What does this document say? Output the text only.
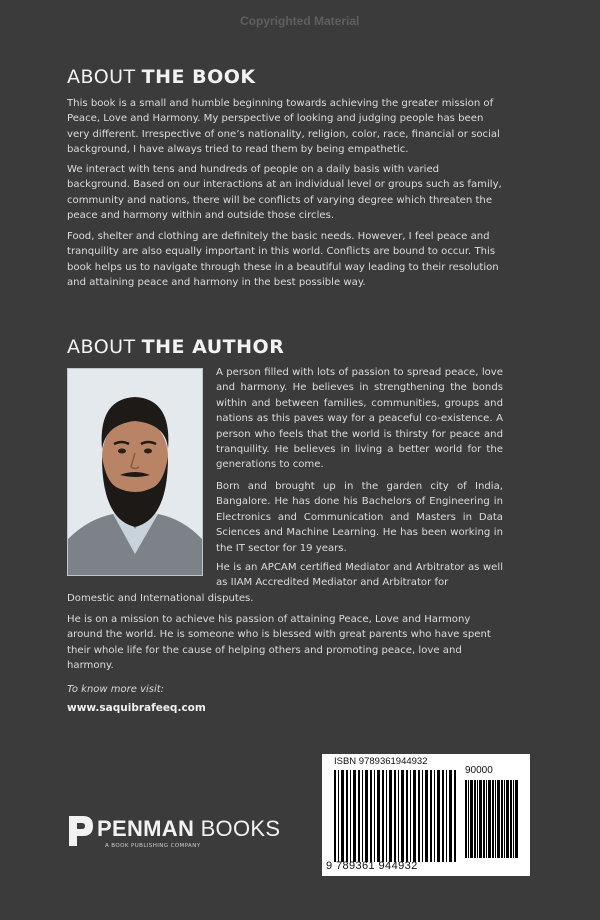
Copyrighted Material
ABOUT THE BOOK

This book is a small and humble beginning towards achieving the greater mission of Peace, Love and Harmony. My perspective of looking and judging people has been very different. Irrespective of one’s nationality, religion, color, race, financial or social background, I have always tried to read them by being empathetic.

We interact with tens and hundreds of people on a daily basis with varied background. Based on our interactions at an individual level or groups such as family, community and nations, there will be conflicts of varying degree which threaten the peace and harmony within and outside those circles.

Food, shelter and clothing are definitely the basic needs. However, I feel peace and tranquility are also equally important in this world. Conflicts are bound to occur. This book helps us to navigate through these in a beautiful way leading to their resolution and attaining peace and harmony in the best possible way.

ABOUT THE AUTHOR

A person filled with lots of passion to spread peace, love and harmony. He believes in strengthening the bonds within and between families, communities, groups and nations as this paves way for a peaceful co-existence. A person who feels that the world is thirsty for peace and tranquility. He believes in living a better world for the generations to come.

Born and brought up in the garden city of India, Bangalore. He has done his Bachelors of Engineering in Electronics and Communication and Masters in Data Sciences and Machine Learning. He has been working in the IT sector for 19 years.

He is an APCAM certified Mediator and Arbitrator as well as IIAM Accredited Mediator and Arbitrator for

Domestic and International disputes.

He is on a mission to achieve his passion of attaining Peace, Love and Harmony around the world. He is someone who is blessed with great parents who have spent their whole life for the cause of helping others and promoting peace, love and harmony.

To know more visit:
www.saquibrafeeq.com
PENMAN BOOKS
A BOOK PUBLISHING COMPANY
ISBN 9789361944932
90000
9 789361 944932
